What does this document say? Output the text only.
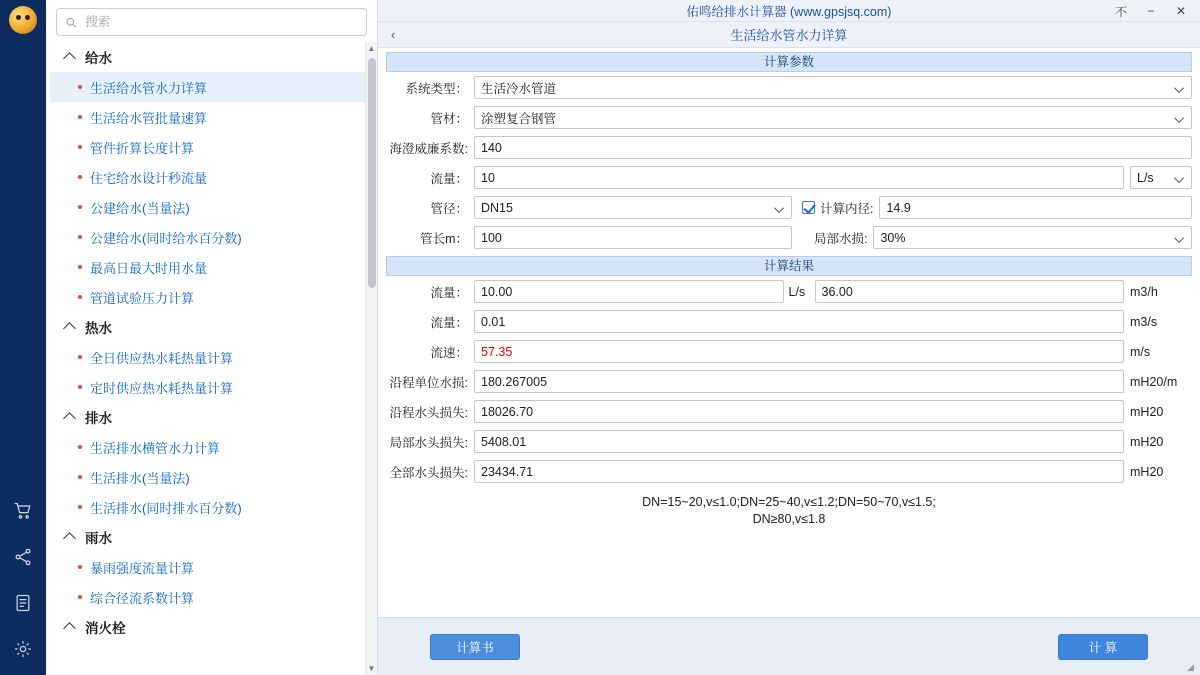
搜索
给水
生活给水管水力详算
生活给水管批量速算
管件折算长度计算
住宅给水设计秒流量
公建给水(当量法)
公建给水(同时给水百分数)
最高日最大时用水量
管道试验压力计算
热水
全日供应热水耗热量计算
定时供应热水耗热量计算
排水
生活排水横管水力计算
生活排水(当量法)
生活排水(同时排水百分数)
雨水
暴雨强度流量计算
综合径流系数计算
消火栓
▲
▼
佑鸣给排水计算器 (www.gpsjsq.com)	不	−	✕
‹	生活给水管水力详算
计算参数
系统类型：	生活冷水管道
管材：	涂塑复合钢管
海澄威廉系数:	140
流量：	10	L/s
管径：	DN15	计算内径: 14.9
管长m：	100	局部水损: 30%
计算结果
流量：	10.00	L/s	36.00	m3/h
流量：	0.01	m3/s
流速：	57.35	m/s
沿程单位水损:	180.267005	mH20/m
沿程水头损失:	18026.70	mH20
局部水头损失:	5408.01	mH20
全部水头损失:	23434.71	mH20
DN=15~20,v≤1.0;DN=25~40,v≤1.2;DN=50~70,v≤1.5;
DN≥80,v≤1.8
计算书	计 算
◢
